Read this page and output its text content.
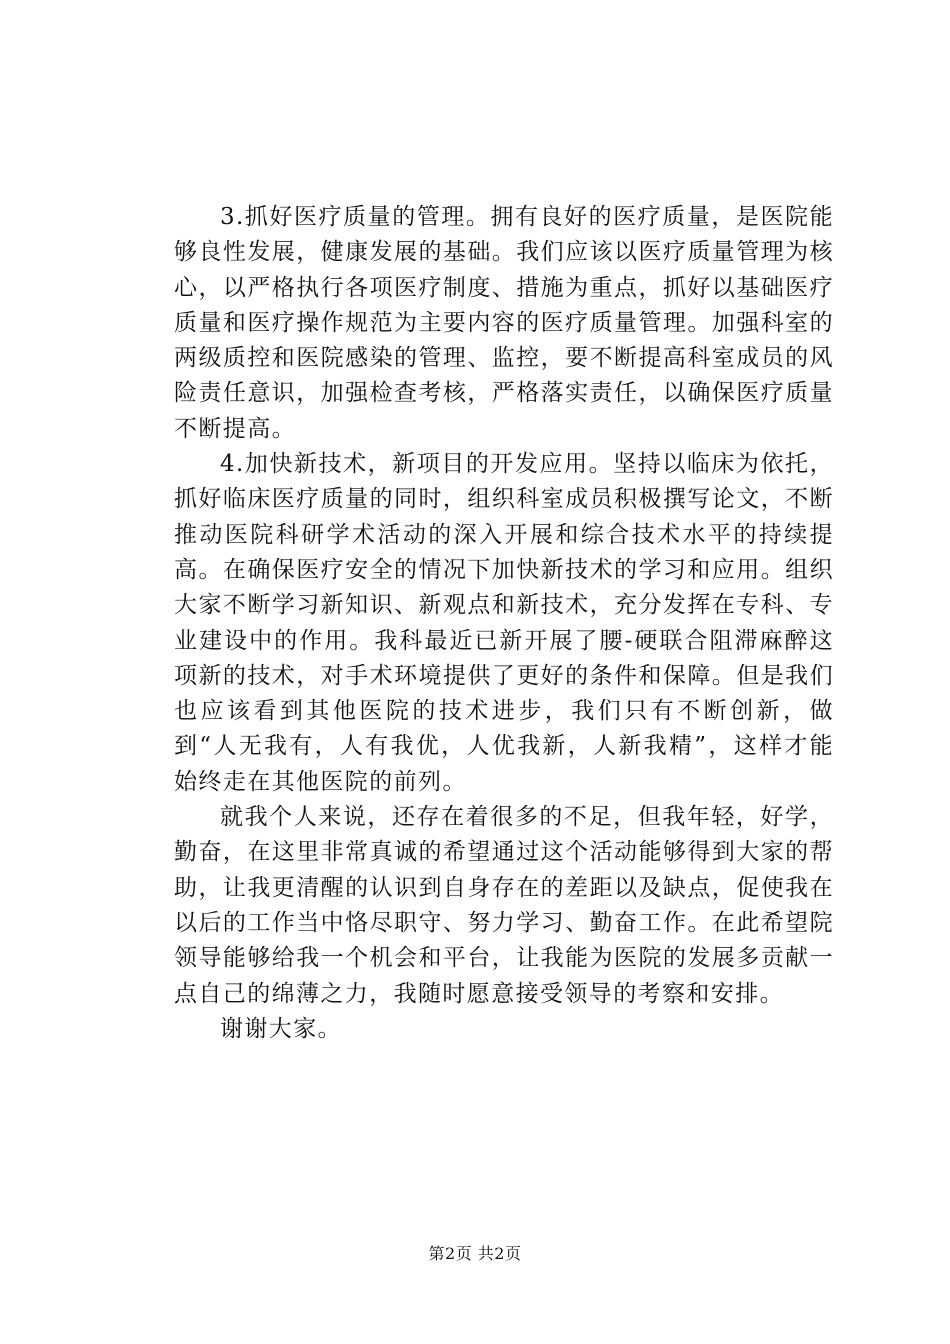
3.抓好医疗质量的管理。拥有良好的医疗质量，是医院能够良性发展，健康发展的基础。我们应该以医疗质量管理为核心，以严格执行各项医疗制度、措施为重点，抓好以基础医疗质量和医疗操作规范为主要内容的医疗质量管理。加强科室的两级质控和医院感染的管理、监控，要不断提高科室成员的风险责任意识，加强检查考核，严格落实责任，以确保医疗质量不断提高。

4.加快新技术，新项目的开发应用。坚持以临床为依托，抓好临床医疗质量的同时，组织科室成员积极撰写论文，不断推动医院科研学术活动的深入开展和综合技术水平的持续提高。在确保医疗安全的情况下加快新技术的学习和应用。组织大家不断学习新知识、新观点和新技术，充分发挥在专科、专业建设中的作用。我科最近已新开展了腰-硬联合阻滞麻醉这项新的技术，对手术环境提供了更好的条件和保障。但是我们也应该看到其他医院的技术进步，我们只有不断创新，做到“人无我有，人有我优，人优我新，人新我精”，这样才能始终走在其他医院的前列。

就我个人来说，还存在着很多的不足，但我年轻，好学，勤奋，在这里非常真诚的希望通过这个活动能够得到大家的帮助，让我更清醒的认识到自身存在的差距以及缺点，促使我在以后的工作当中恪尽职守、努力学习、勤奋工作。在此希望院领导能够给我一个机会和平台，让我能为医院的发展多贡献一点自己的绵薄之力，我随时愿意接受领导的考察和安排。

谢谢大家。

第2页 共2页
